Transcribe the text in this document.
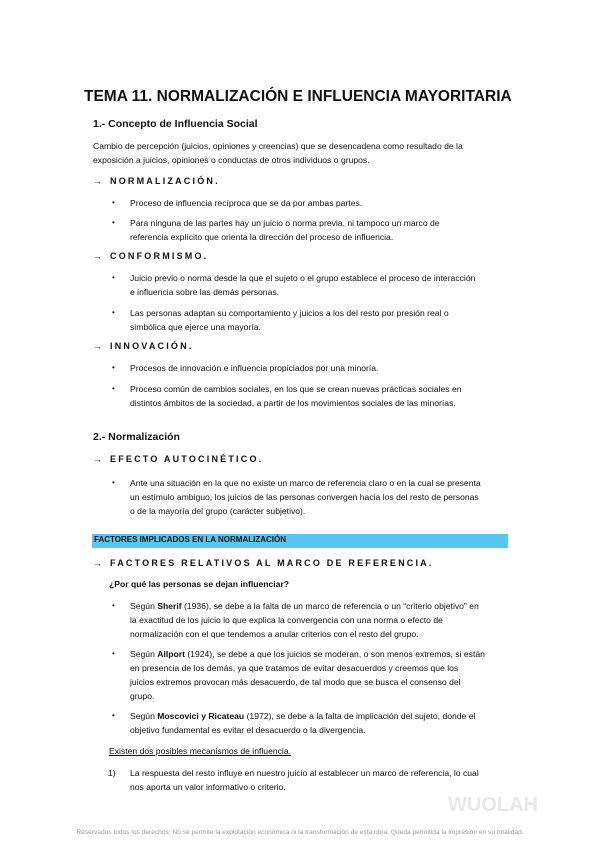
TEMA 11. NORMALIZACIÓN E INFLUENCIA MAYORITARIA
1.- Concepto de Influencia Social
Cambio de percepción (juicios, opiniones y creencias) que se desencadena como resultado de la
exposición a juicios, opiniones o conductas de otros individuos o grupos.
→ NORMALIZACIÓN.
• Proceso de influencia recíproca que se da por ambas partes.
• Para ninguna de las partes hay un juicio o norma previa, ni tampoco un marco de
referencia explícito que orienta la dirección del proceso de influencia.
→ CONFORMISMO.
• Juicio previo o norma desde la que el sujeto o el grupo establece el proceso de interacción
e influencia sobre las demás personas.
• Las personas adaptan su comportamiento y juicios a los del resto por presión real o
simbólica que ejerce una mayoría.
→ INNOVACIÓN.
• Procesos de innovación e influencia propiciados por una minoría.
• Proceso común de cambios sociales, en los que se crean nuevas prácticas sociales en
distintos ámbitos de la sociedad, a partir de los movimientos sociales de las minorías.
2.- Normalización
→ EFECTO AUTOCINÉTICO.
• Ante una situación en la que no existe un marco de referencia claro o en la cual se presenta
un estímulo ambiguo, los juicios de las personas convergen hacia los del resto de personas
o de la mayoría del grupo (carácter subjetivo).
FACTORES IMPLICADOS EN LA NORMALIZACIÓN
→ FACTORES RELATIVOS AL MARCO DE REFERENCIA.
¿Por qué las personas se dejan influenciar?
• Según Sherif (1936), se debe a la falta de un marco de referencia o un “criterio objetivo” en
la exactitud de los juicio lo que explica la convergencia con una norma o efecto de
normalización con el que tendemos a anular criterios con el resto del grupo.
• Según Allport (1924), se debe a que los juicios se moderan, o son menos extremos, si están
en presencia de los demás, ya que tratamos de evitar desacuerdos y creemos que los
juicios extremos provocan más desacuerdo, de tal modo que se busca el consenso del
grupo.
• Según Moscovici y Ricateau (1972), se debe a la falta de implicación del sujeto, donde el
objetivo fundamental es evitar el desacuerdo o la divergencia.
Existen dos posibles mecanismos de influencia.
1) La respuesta del resto influye en nuestro juicio al establecer un marco de referencia, lo cual
nos aporta un valor informativo o criterio.
WUOLAH
Reservados todos los derechos. No se permite la explotación económica ni la transformación de esta obra. Queda permitida la impresión en su totalidad.
